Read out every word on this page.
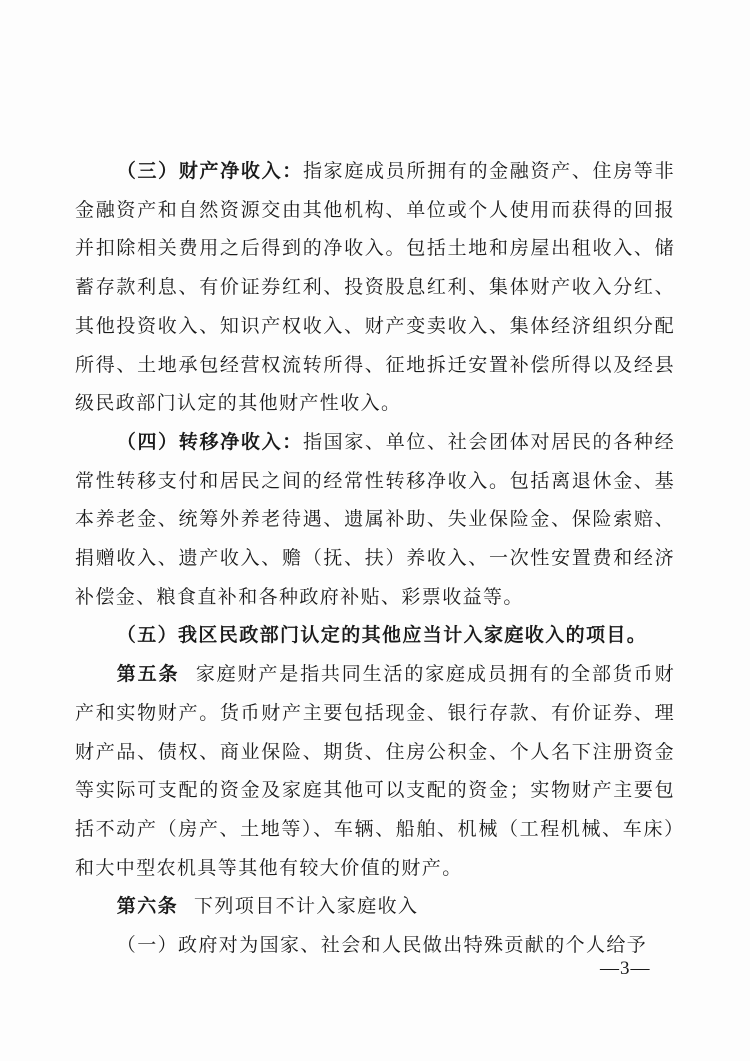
（三）财产净收入：指家庭成员所拥有的金融资产、住房等非金融资产和自然资源交由其他机构、单位或个人使用而获得的回报并扣除相关费用之后得到的净收入。包括土地和房屋出租收入、储蓄存款利息、有价证券红利、投资股息红利、集体财产收入分红、其他投资收入、知识产权收入、财产变卖收入、集体经济组织分配所得、土地承包经营权流转所得、征地拆迁安置补偿所得以及经县级民政部门认定的其他财产性收入。

（四）转移净收入：指国家、单位、社会团体对居民的各种经常性转移支付和居民之间的经常性转移净收入。包括离退休金、基本养老金、统筹外养老待遇、遗属补助、失业保险金、保险索赔、捐赠收入、遗产收入、赡（抚、扶）养收入、一次性安置费和经济补偿金、粮食直补和各种政府补贴、彩票收益等。

（五）我区民政部门认定的其他应当计入家庭收入的项目。

第五条 家庭财产是指共同生活的家庭成员拥有的全部货币财产和实物财产。货币财产主要包括现金、银行存款、有价证券、理财产品、债权、商业保险、期货、住房公积金、个人名下注册资金等实际可支配的资金及家庭其他可以支配的资金；实物财产主要包括不动产（房产、土地等）、车辆、船舶、机械（工程机械、车床）和大中型农机具等其他有较大价值的财产。

第六条 下列项目不计入家庭收入

（一）政府对为国家、社会和人民做出特殊贡献的个人给予

—3—
